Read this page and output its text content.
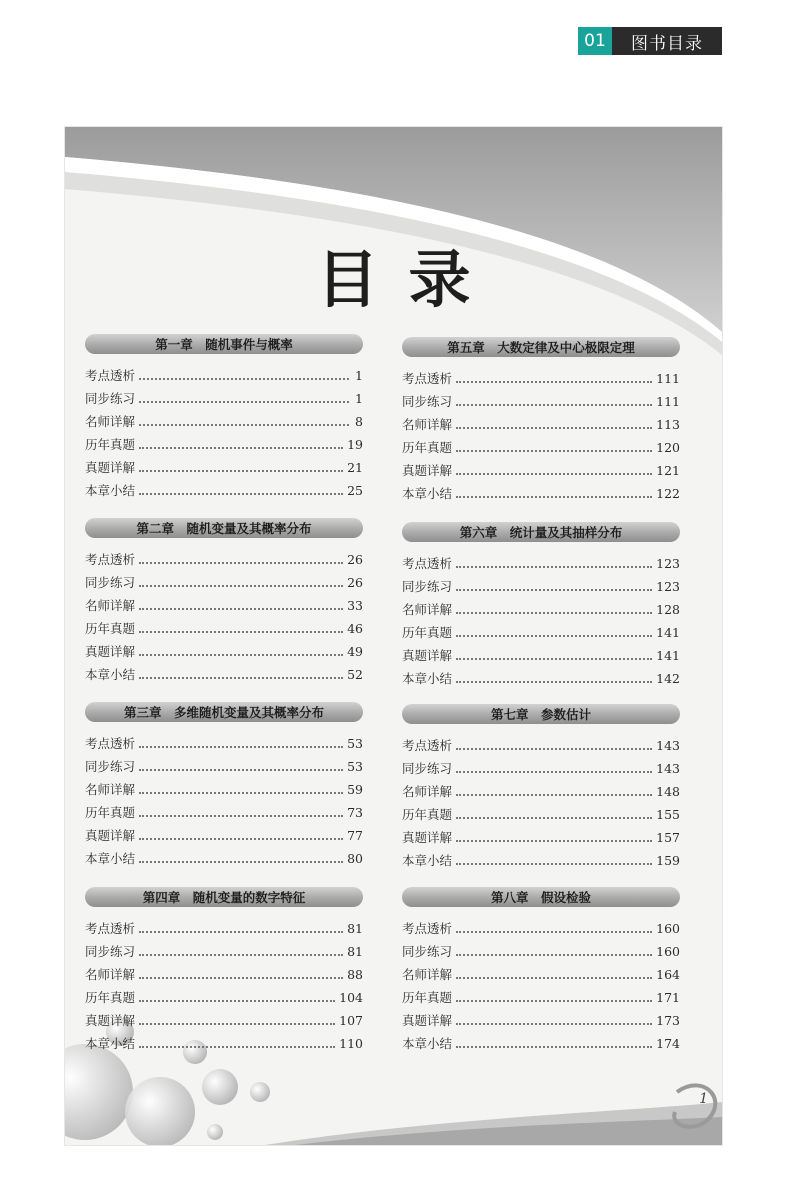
01	图书目录
目录
第一章　随机事件与概率
考点透析	1
同步练习	1
名师详解	8
历年真题	19
真题详解	21
本章小结	25
第二章　随机变量及其概率分布
考点透析	26
同步练习	26
名师详解	33
历年真题	46
真题详解	49
本章小结	52
第三章　多维随机变量及其概率分布
考点透析	53
同步练习	53
名师详解	59
历年真题	73
真题详解	77
本章小结	80
第四章　随机变量的数字特征
考点透析	81
同步练习	81
名师详解	88
历年真题	104
真题详解	107
本章小结	110
第五章　大数定律及中心极限定理
考点透析	111
同步练习	111
名师详解	113
历年真题	120
真题详解	121
本章小结	122
第六章　统计量及其抽样分布
考点透析	123
同步练习	123
名师详解	128
历年真题	141
真题详解	141
本章小结	142
第七章　参数估计
考点透析	143
同步练习	143
名师详解	148
历年真题	155
真题详解	157
本章小结	159
第八章　假设检验
考点透析	160
同步练习	160
名师详解	164
历年真题	171
真题详解	173
本章小结	174
1
